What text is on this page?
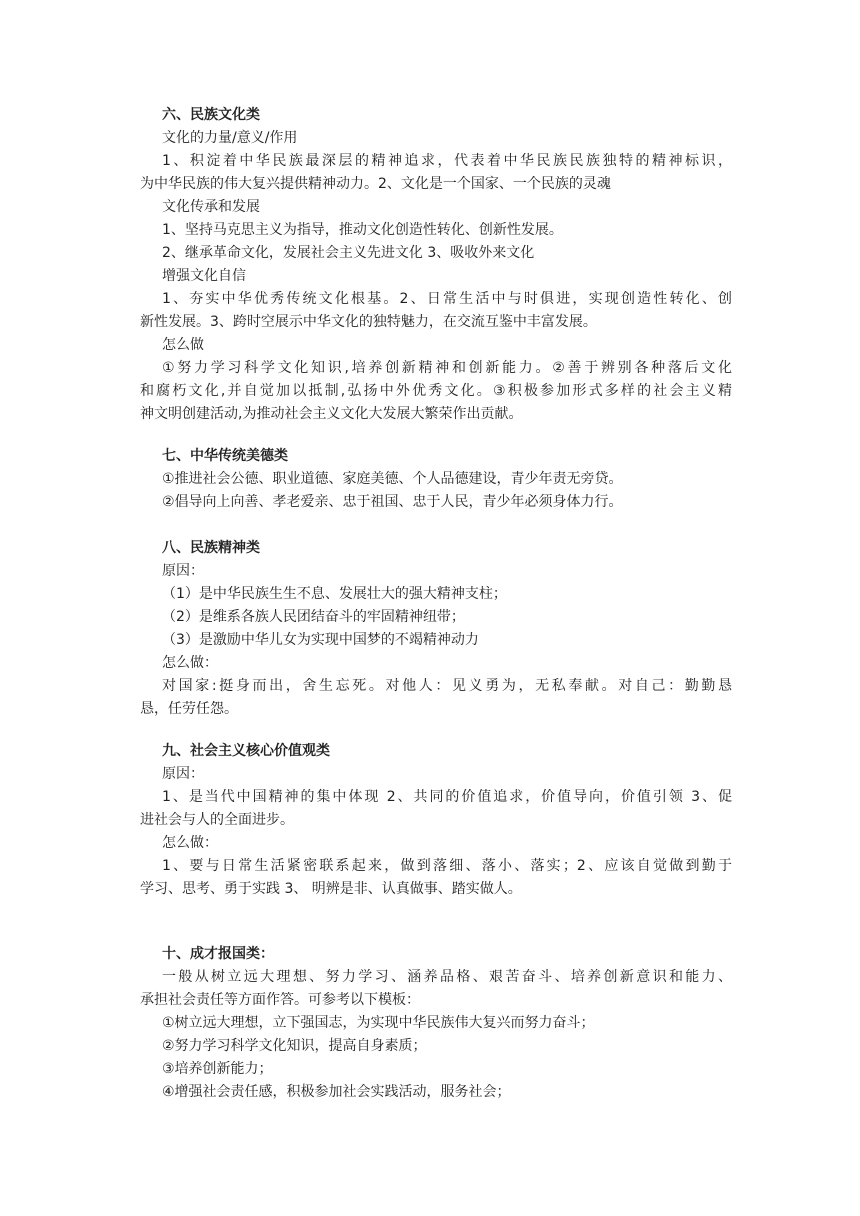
六、民族文化类
文化的力量/意义/作用
1、积淀着中华民族最深层的精神追求，代表着中华民族民族独特的精神标识，
为中华民族的伟大复兴提供精神动力。2、文化是一个国家、一个民族的灵魂
文化传承和发展
1、坚持马克思主义为指导，推动文化创造性转化、创新性发展。
2、继承革命文化，发展社会主义先进文化 3、吸收外来文化
增强文化自信
1、夯实中华优秀传统文化根基。2、日常生活中与时俱进，实现创造性转化、创
新性发展。3、跨时空展示中华文化的独特魅力，在交流互鉴中丰富发展。
怎么做
①努力学习科学文化知识,培养创新精神和创新能力。②善于辨别各种落后文化
和腐朽文化,并自觉加以抵制,弘扬中外优秀文化。③积极参加形式多样的社会主义精
神文明创建活动,为推动社会主义文化大发展大繁荣作出贡献。
七、中华传统美德类
①推进社会公德、职业道德、家庭美德、个人品德建设，青少年责无旁贷。
②倡导向上向善、孝老爱亲、忠于祖国、忠于人民，青少年必须身体力行。
八、民族精神类
原因：
（1）是中华民族生生不息、发展壮大的强大精神支柱；
（2）是维系各族人民团结奋斗的牢固精神纽带；
（3）是激励中华儿女为实现中国梦的不竭精神动力
怎么做：
对国家:挺身而出，舍生忘死。对他人：见义勇为，无私奉献。对自己：勤勤恳
恳，任劳任怨。
九、社会主义核心价值观类
原因：
1、是当代中国精神的集中体现 2、共同的价值追求，价值导向，价值引领 3、促
进社会与人的全面进步。
怎么做：
1、要与日常生活紧密联系起来，做到落细、落小、落实；2、应该自觉做到勤于
学习、思考、勇于实践 3、 明辨是非、认真做事、踏实做人。
十、成才报国类：
一般从树立远大理想、努力学习、涵养品格、艰苦奋斗、培养创新意识和能力、
承担社会责任等方面作答。可参考以下模板：
①树立远大理想，立下强国志，为实现中华民族伟大复兴而努力奋斗；
②努力学习科学文化知识，提高自身素质；
③培养创新能力；
④增强社会责任感，积极参加社会实践活动，服务社会；
